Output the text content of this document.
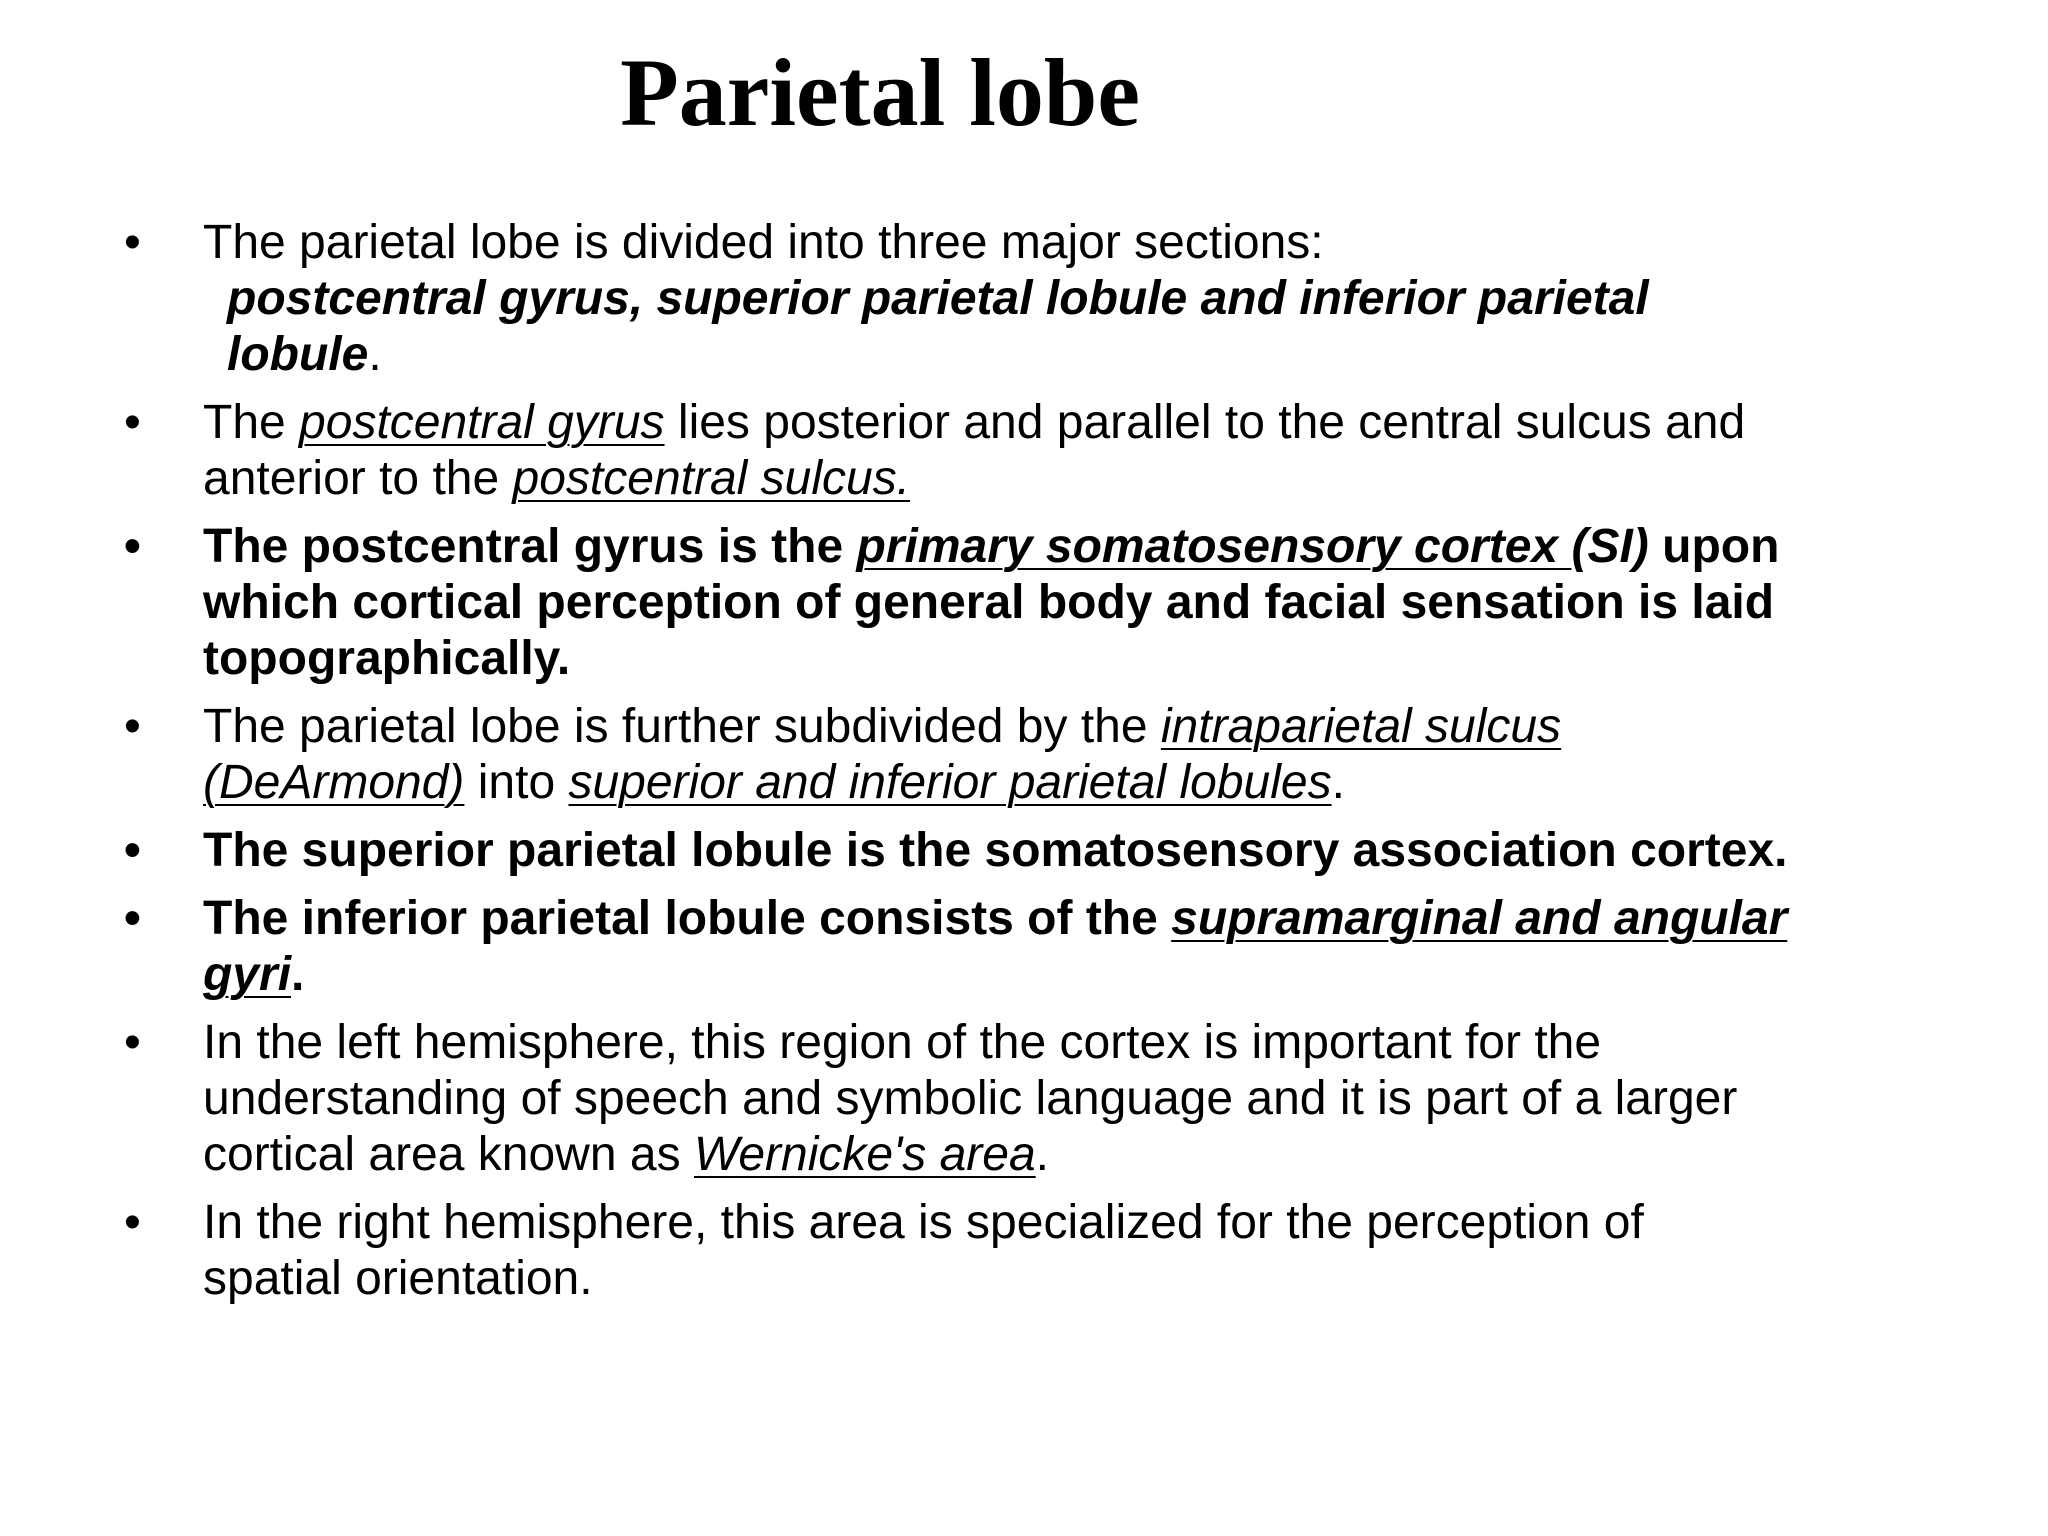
Parietal lobe
• The parietal lobe is divided into three major sections:
postcentral gyrus, superior parietal lobule and inferior parietal lobule.
• The postcentral gyrus lies posterior and parallel to the central sulcus and anterior to the postcentral sulcus.
• The postcentral gyrus is the primary somatosensory cortex (SI) upon which cortical perception of general body and facial sensation is laid topographically.
• The parietal lobe is further subdivided by the intraparietal sulcus (DeArmond) into superior and inferior parietal lobules.
• The superior parietal lobule is the somatosensory association cortex.
• The inferior parietal lobule consists of the supramarginal and angular gyri.
• In the left hemisphere, this region of the cortex is important for the understanding of speech and symbolic language and it is part of a larger cortical area known as Wernicke's area.
• In the right hemisphere, this area is specialized for the perception of spatial orientation.
